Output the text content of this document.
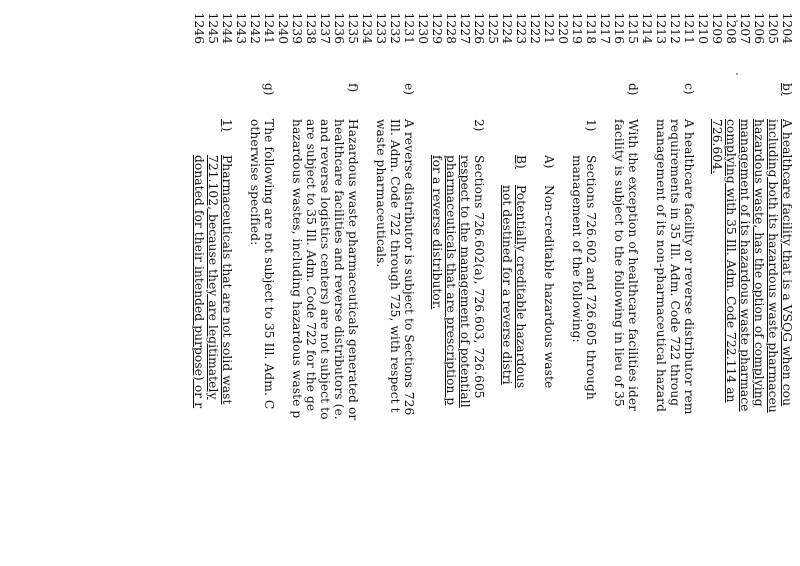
1204
1205
1206
1207
1208
1209
1210
1211
1212
1213
1214
1215
1216
1217
1218
1219
1220
1221
1222
1223
1224
1225
1226
1227
1228
1229
1230
1231
1232
1233
1234
1235
1236
1237
1238
1239
1240
1241
1242
1243
1244
1245
1246
b)
A healthcare facility that is a VSQG when cou
including both its hazardous waste pharmaceu
hazardous waste, has the option of complying
management of its hazardous waste pharmace
complying with 35 Ill. Adm. Code 722.114 an
726.604.
c)
A healthcare facility or reverse distributor rem
requirements in 35 Ill. Adm. Code 722 throug
management of its non-pharmaceutical hazard
d)
With the exception of healthcare facilities ider
facility is subject to the following in lieu of 35
1)
Sections 726.602 and 726.605 through
management of the following:
A)
Non-creditable hazardous waste
B)
Potentially creditable hazardous
not destined for a reverse distri
2)
Sections 726.602(a), 726.603, 726.605
respect to the management of potentiall
pharmaceuticals that are prescription p
for a reverse distributor.
e)
A reverse distributor is subject to Sections 726
Ill. Adm. Code 722 through 725, with respect t
waste pharmaceuticals.
f)
Hazardous waste pharmaceuticals generated or
healthcare facilities and reverse distributors (e.
and reverse logistics centers) are not subject to
are subject to 35 Ill. Adm. Code 722 for the ge
hazardous wastes, including hazardous waste p
g)
The following are not subject to 35 Ill. Adm. C
otherwise specified:
1)
Pharmaceuticals that are not solid wast
721.102, because they are legitimately
donated for their intended purpose) or r
